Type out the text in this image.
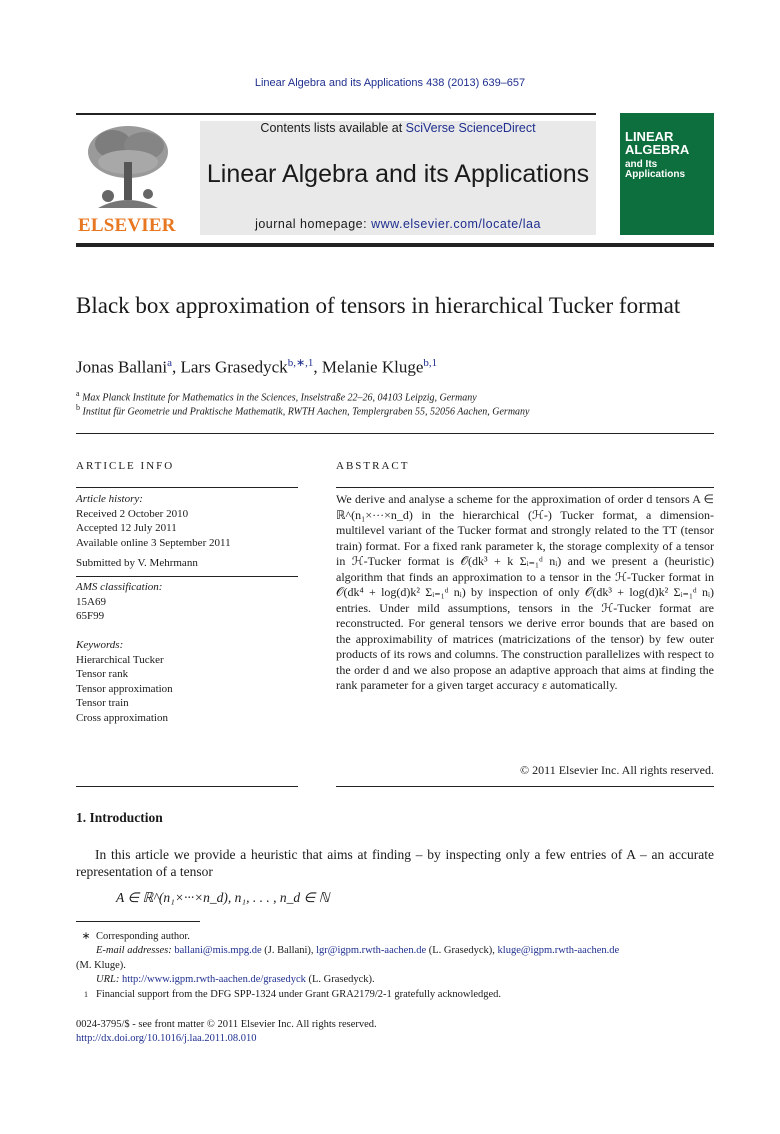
Linear Algebra and its Applications 438 (2013) 639–657
ELSEVIER
Contents lists available at SciVerse ScienceDirect
Linear Algebra and its Applications
journal homepage: www.elsevier.com/locate/laa
LINEAR ALGEBRA
and Its Applications
Black box approximation of tensors in hierarchical Tucker format
Jonas Ballani$^a$, Lars Grasedyck$^{b,∗,1}$, Melanie Kluge$^{b,1}$
$^a$ Max Planck Institute for Mathematics in the Sciences, Inselstraße 22–26, 04103 Leipzig, Germany
$^b$ Institut für Geometrie und Praktische Mathematik, RWTH Aachen, Templergraben 55, 52056 Aachen, Germany
ARTICLE INFO
Article history:
Received 2 October 2010
Accepted 12 July 2011
Available online 3 September 2011
Submitted by V. Mehrmann
AMS classification:
15A69
65F99
Keywords:
Hierarchical Tucker
Tensor rank
Tensor approximation
Tensor train
Cross approximation
ABSTRACT
We derive and analyse a scheme for the approximation of order d tensors A ∈ ℝ^(n₁×···×n_d) in the hierarchical (ℋ-) Tucker format, a dimension-multilevel variant of the Tucker format and strongly related to the TT (tensor train) format. For a fixed rank parameter k, the storage complexity of a tensor in ℋ-Tucker format is 𝒪(dk³ + k Σᵢ₌₁ᵈ nᵢ) and we present a (heuristic) algorithm that finds an approximation to a tensor in the ℋ-Tucker format in 𝒪(dk⁴ + log(d)k² Σᵢ₌₁ᵈ nᵢ) by inspection of only 𝒪(dk³ + log(d)k² Σᵢ₌₁ᵈ nᵢ) entries. Under mild assumptions, tensors in the ℋ-Tucker format are reconstructed. For general tensors we derive error bounds that are based on the approximability of matrices (matricizations of the tensor) by few outer products of its rows and columns. The construction parallelizes with respect to the order d and we also propose an adaptive approach that aims at finding the rank parameter for a given target accuracy ε automatically.
© 2011 Elsevier Inc. All rights reserved.
1. Introduction
In this article we provide a heuristic that aims at finding – by inspecting only a few entries of A – an accurate representation of a tensor
A ∈ ℝ^(n₁×···×n_d), n₁, . . . , n_d ∈ ℕ
∗ Corresponding author.
E-mail addresses: ballani@mis.mpg.de (J. Ballani), lgr@igpm.rwth-aachen.de (L. Grasedyck), kluge@igpm.rwth-aachen.de
(M. Kluge).
URL: http://www.igpm.rwth-aachen.de/grasedyck (L. Grasedyck).
1 Financial support from the DFG SPP-1324 under Grant GRA2179/2-1 gratefully acknowledged.
0024-3795/$ - see front matter © 2011 Elsevier Inc. All rights reserved.
http://dx.doi.org/10.1016/j.laa.2011.08.010
